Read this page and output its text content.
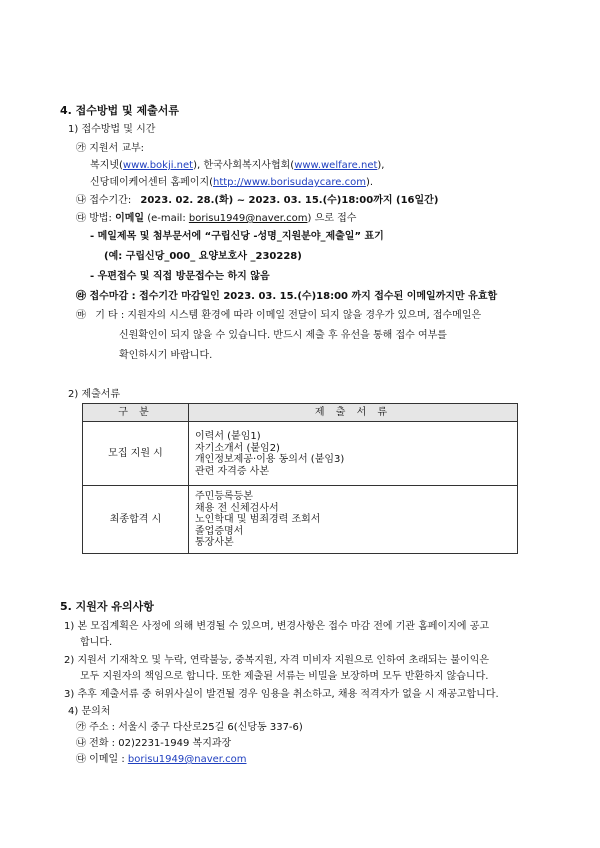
4. 접수방법 및 제출서류
1) 접수방법 및 시간
㉮ 지원서 교부:
복지넷(www.bokji.net), 한국사회복지사협회(www.welfare.net),
신당데이케어센터 홈페이지(http://www.borisudaycare.com).
㉯ 접수기간: 2023. 02. 28.(화) ~ 2023. 03. 15.(수)18:00까지 (16일간)
㉰ 방법: 이메일 (e-mail: borisu1949@naver.com) 으로 접수
- 메일제목 및 첨부문서에 “구립신당 -성명_지원분야_제출일” 표기
(예: 구립신당_000_ 요양보호사 _230228)
- 우편접수 및 직접 방문접수는 하지 않음
㉱ 접수마감 : 접수기간 마감일인 2023. 03. 15.(수)18:00 까지 접수된 이메일까지만 유효함
㉲ 기 타 : 지원자의 시스템 환경에 따라 이메일 전달이 되지 않을 경우가 있으며, 접수메일은
신원확인이 되지 않을 수 있습니다. 반드시 제출 후 유선을 통해 접수 여부를
확인하시기 바랍니다.
2) 제출서류
구 분	제 출 서 류
모집 지원 시	이력서 (붙임1)
자기소개서 (붙임2)
개인정보제공·이용 동의서 (붙임3)
관련 자격증 사본

최종합격 시	주민등록등본
채용 전 신체검사서
노인학대 및 범죄경력 조회서
졸업증명서
통장사본
5. 지원자 유의사항
1) 본 모집계획은 사정에 의해 변경될 수 있으며, 변경사항은 접수 마감 전에 기관 홈페이지에 공고
합니다.
2) 지원서 기재착오 및 누락, 연락불능, 중복지원, 자격 미비자 지원으로 인하여 초래되는 불이익은
모두 지원자의 책임으로 합니다. 또한 제출된 서류는 비밀을 보장하며 모두 반환하지 않습니다.
3) 추후 제출서류 중 허위사실이 발견될 경우 임용을 취소하고, 채용 적격자가 없을 시 재공고합니다.
4) 문의처
㉮ 주소 : 서울시 중구 다산로25길 6(신당동 337-6)
㉯ 전화 : 02)2231-1949 복지과장
㉰ 이메일 : borisu1949@naver.com
